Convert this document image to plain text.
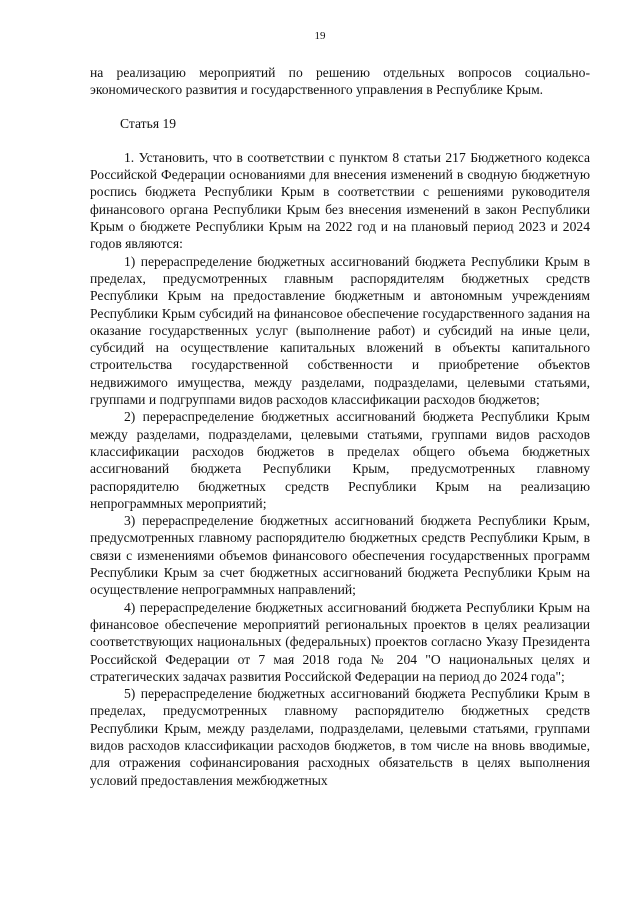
19

на реализацию мероприятий по решению отдельных вопросов социально-экономического развития и государственного управления в Республике Крым.

Статья 19

1. Установить, что в соответствии с пунктом 8 статьи 217 Бюджетного кодекса Российской Федерации основаниями для внесения изменений в сводную бюджетную роспись бюджета Республики Крым в соответствии с решениями руководителя финансового органа Республики Крым без внесения изменений в закон Республики Крым о бюджете Республики Крым на 2022 год и на плановый период 2023 и 2024 годов являются:

1) перераспределение бюджетных ассигнований бюджета Республики Крым в пределах, предусмотренных главным распорядителям бюджетных средств Республики Крым на предоставление бюджетным и автономным учреждениям Республики Крым субсидий на финансовое обеспечение государственного задания на оказание государственных услуг (выполнение работ) и субсидий на иные цели, субсидий на осуществление капитальных вложений в объекты капитального строительства государственной собственности и приобретение объектов недвижимого имущества, между разделами, подразделами, целевыми статьями, группами и подгруппами видов расходов классификации расходов бюджетов;

2) перераспределение бюджетных ассигнований бюджета Республики Крым между разделами, подразделами, целевыми статьями, группами видов расходов классификации расходов бюджетов в пределах общего объема бюджетных ассигнований бюджета Республики Крым, предусмотренных главному распорядителю бюджетных средств Республики Крым на реализацию непрограммных мероприятий;

3) перераспределение бюджетных ассигнований бюджета Республики Крым, предусмотренных главному распорядителю бюджетных средств Республики Крым, в связи с изменениями объемов финансового обеспечения государственных программ Республики Крым за счет бюджетных ассигнований бюджета Республики Крым на осуществление непрограммных направлений;

4) перераспределение бюджетных ассигнований бюджета Республики Крым на финансовое обеспечение мероприятий региональных проектов в целях реализации соответствующих национальных (федеральных) проектов согласно Указу Президента Российской Федерации от 7 мая 2018 года № 204 "О национальных целях и стратегических задачах развития Российской Федерации на период до 2024 года";

5) перераспределение бюджетных ассигнований бюджета Республики Крым в пределах, предусмотренных главному распорядителю бюджетных средств Республики Крым, между разделами, подразделами, целевыми статьями, группами видов расходов классификации расходов бюджетов, в том числе на вновь вводимые, для отражения софинансирования расходных обязательств в целях выполнения условий предоставления межбюджетных
